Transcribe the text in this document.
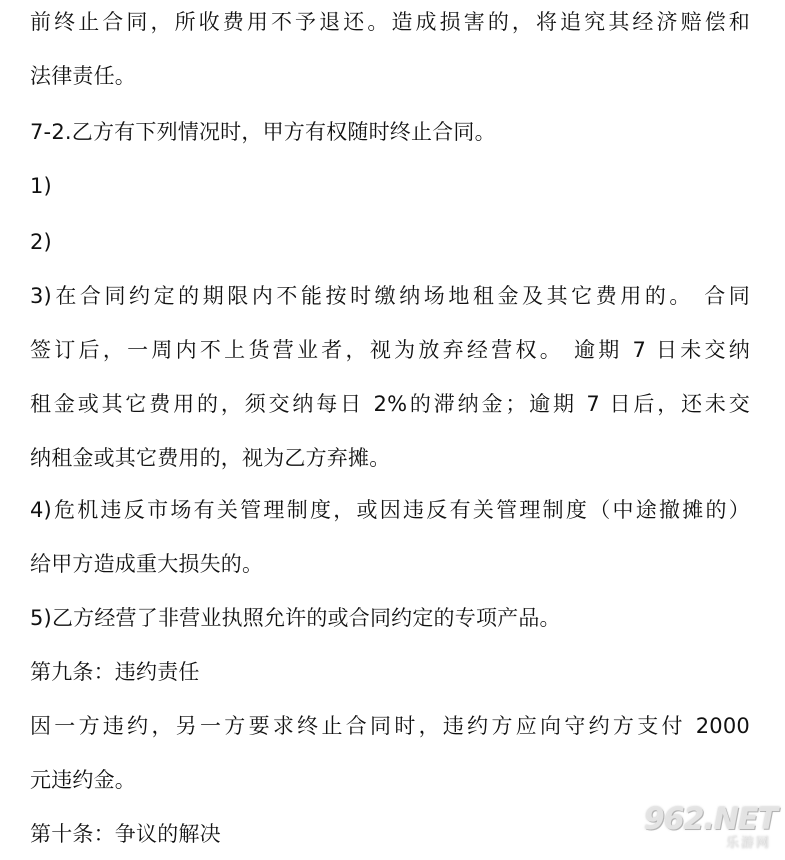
前终止合同，所收费用不予退还。造成损害的，将追究其经济赔偿和
法律责任。
7-2.乙方有下列情况时，甲方有权随时终止合同。
1)
2)
3)在合同约定的期限内不能按时缴纳场地租金及其它费用的。 合同
签订后，一周内不上货营业者，视为放弃经营权。 逾期 7 日未交纳
租金或其它费用的，须交纳每日 2%的滞纳金；逾期 7 日后，还未交
纳租金或其它费用的，视为乙方弃摊。
4)危机违反市场有关管理制度，或因违反有关管理制度（中途撤摊的）
给甲方造成重大损失的。
5)乙方经营了非营业执照允许的或合同约定的专项产品。
第九条：违约责任
因一方违约，另一方要求终止合同时，违约方应向守约方支付 2000
元违约金。
第十条：争议的解决	962.NET
乐游网
